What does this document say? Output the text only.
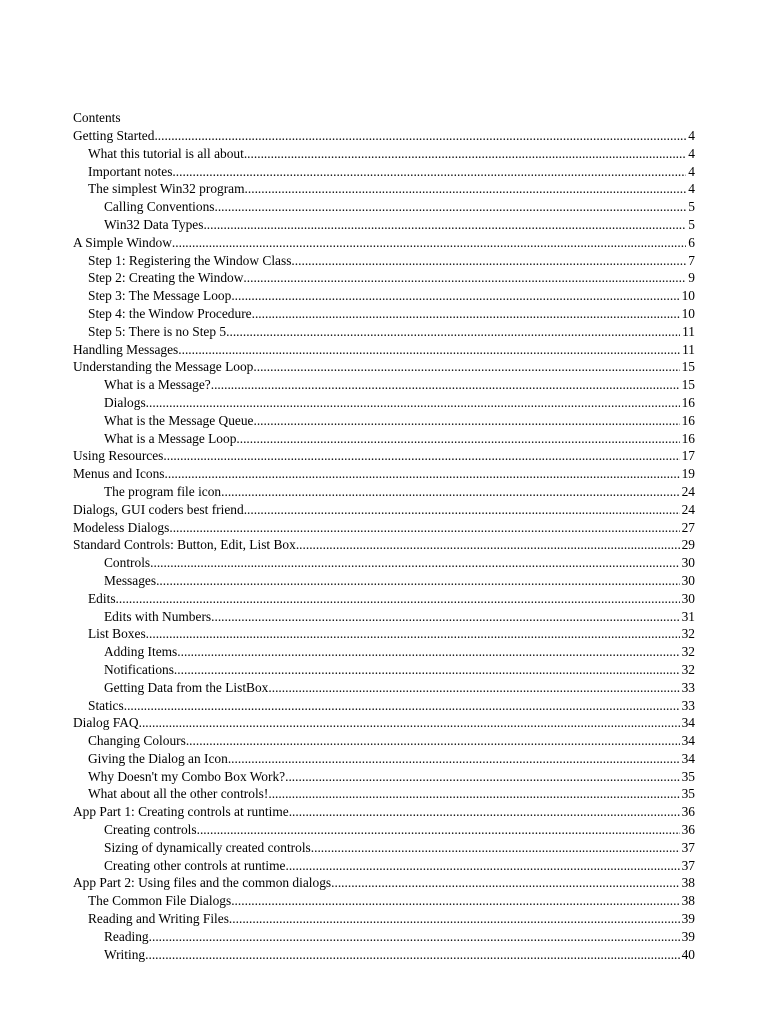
Contents
Getting Started .....	4
What this tutorial is all about .....	4
Important notes .....	4
The simplest Win32 program .....	4
Calling Conventions .....	5
Win32 Data Types .....	5
A Simple Window .....	6
Step 1: Registering the Window Class .....	7
Step 2: Creating the Window .....	9
Step 3: The Message Loop .....	10
Step 4: the Window Procedure .....	10
Step 5: There is no Step 5 .....	11
Handling Messages .....	11
Understanding the Message Loop .....	15
What is a Message? .....	15
Dialogs .....	16
What is the Message Queue .....	16
What is a Message Loop .....	16
Using Resources .....	17
Menus and Icons .....	19
The program file icon .....	24
Dialogs, GUI coders best friend .....	24
Modeless Dialogs .....	27
Standard Controls: Button, Edit, List Box .....	29
Controls .....	30
Messages .....	30
Edits .....	30
Edits with Numbers .....	31
List Boxes .....	32
Adding Items .....	32
Notifications .....	32
Getting Data from the ListBox .....	33
Statics .....	33
Dialog FAQ .....	34
Changing Colours .....	34
Giving the Dialog an Icon .....	34
Why Doesn't my Combo Box Work? .....	35
What about all the other controls! .....	35
App Part 1: Creating controls at runtime .....	36
Creating controls .....	36
Sizing of dynamically created controls .....	37
Creating other controls at runtime .....	37
App Part 2: Using files and the common dialogs .....	38
The Common File Dialogs .....	38
Reading and Writing Files .....	39
Reading .....	39
Writing .....	40
